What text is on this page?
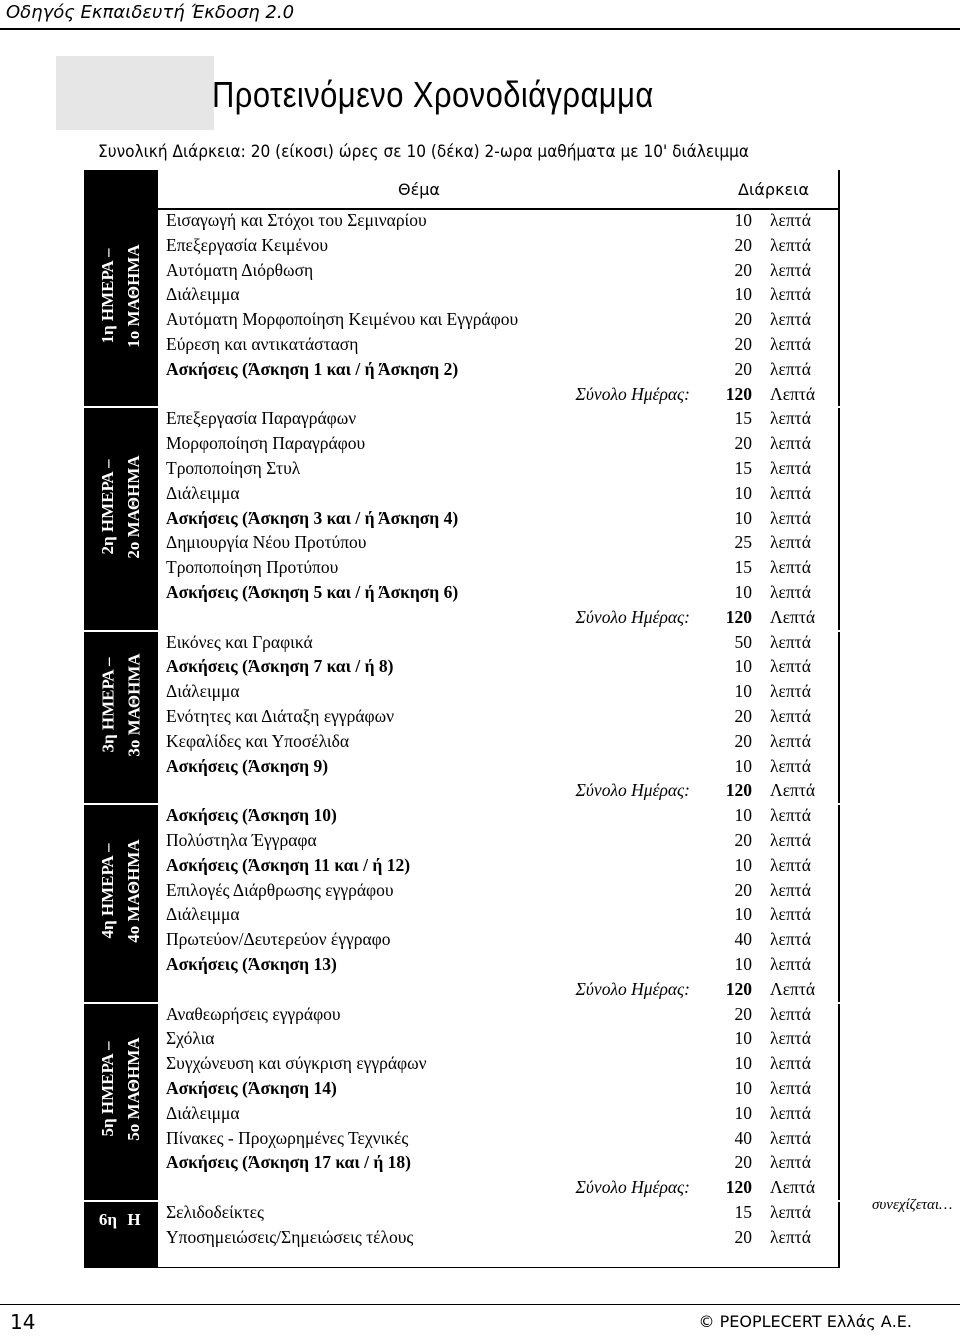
Οδηγός Εκπαιδευτή Έκδοση 2.0
Προτεινόμενο Χρονοδιάγραμμα
Συνολική Διάρκεια: 20 (είκοσι) ώρες σε 10 (δέκα) 2-ωρα μαθήματα με 10' διάλειμμα
Θέμα	Διάρκεια
Εισαγωγή και Στόχοι του Σεμιναρίου	10 λεπτά
Επεξεργασία Κειμένου	20 λεπτά
Αυτόματη Διόρθωση	20 λεπτά
Διάλειμμα	10 λεπτά
Αυτόματη Μορφοποίηση Κειμένου και Εγγράφου	20 λεπτά
Εύρεση και αντικατάσταση	20 λεπτά
Ασκήσεις (Άσκηση 1 και / ή Άσκηση 2)	20 λεπτά
Σύνολο Ημέρας: 120 Λεπτά
Επεξεργασία Παραγράφων	15 λεπτά
Μορφοποίηση Παραγράφου	20 λεπτά
Τροποποίηση Στυλ	15 λεπτά
Διάλειμμα	10 λεπτά
Ασκήσεις (Άσκηση 3 και / ή Άσκηση 4)	10 λεπτά
Δημιουργία Νέου Προτύπου	25 λεπτά
Τροποποίηση Προτύπου	15 λεπτά
Ασκήσεις (Άσκηση 5 και / ή Άσκηση 6)	10 λεπτά
Σύνολο Ημέρας: 120 Λεπτά
Εικόνες και Γραφικά	50 λεπτά
Ασκήσεις (Άσκηση 7 και / ή 8)	10 λεπτά
Διάλειμμα	10 λεπτά
Ενότητες και Διάταξη εγγράφων	20 λεπτά
Κεφαλίδες και Υποσέλιδα	20 λεπτά
Ασκήσεις (Άσκηση 9)	10 λεπτά
Σύνολο Ημέρας: 120 Λεπτά
Ασκήσεις (Άσκηση 10)	10 λεπτά
Πολύστηλα Έγγραφα	20 λεπτά
Ασκήσεις (Άσκηση 11 και / ή 12)	10 λεπτά
Επιλογές Διάρθρωσης εγγράφου	20 λεπτά
Διάλειμμα	10 λεπτά
Πρωτεύον/Δευτερεύον έγγραφο	40 λεπτά
Ασκήσεις (Άσκηση 13)	10 λεπτά
Σύνολο Ημέρας: 120 Λεπτά
Αναθεωρήσεις εγγράφου	20 λεπτά
Σχόλια	10 λεπτά
Συγχώνευση και σύγκριση εγγράφων	10 λεπτά
Ασκήσεις (Άσκηση 14)	10 λεπτά
Διάλειμμα	10 λεπτά
Πίνακες - Προχωρημένες Τεχνικές	40 λεπτά
Ασκήσεις (Άσκηση 17 και / ή 18)	20 λεπτά
Σύνολο Ημέρας: 120 Λεπτά
Σελιδοδείκτες	15 λεπτά
Υποσημειώσεις/Σημειώσεις τέλους	20 λεπτά
1η ΗΜΕΡΑ – 1ο ΜΑΘΗΜΑ
2η ΗΜΕΡΑ – 2ο ΜΑΘΗΜΑ
3η ΗΜΕΡΑ – 3ο ΜΑΘΗΜΑ
4η ΗΜΕΡΑ – 4ο ΜΑΘΗΜΑ
5η ΗΜΕΡΑ – 5ο ΜΑΘΗΜΑ
6η Η
συνεχίζεται…
14	© PEOPLECERT Ελλάς Α.Ε.
